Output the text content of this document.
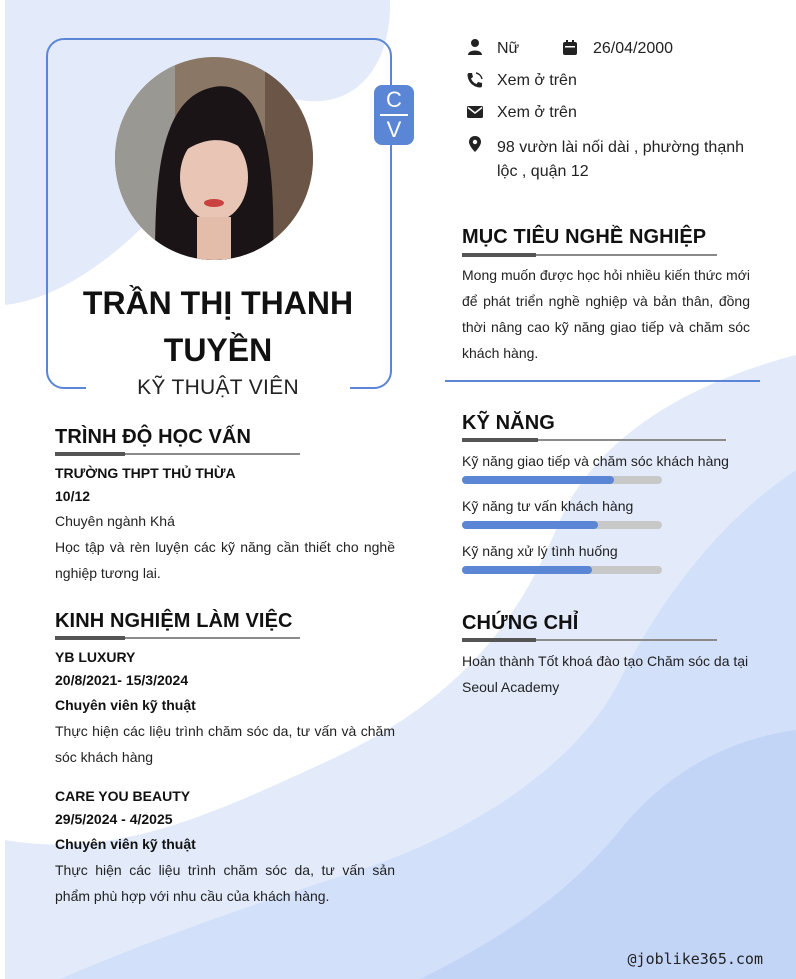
C
V
TRẦN THỊ THANH TUYỀN
KỸ THUẬT VIÊN
Nữ	26/04/2000
Xem ở trên
Xem ở trên
98 vườn lài nối dài , phường thạnh lộc , quận 12
MỤC TIÊU NGHỀ NGHIỆP
Mong muốn được học hỏi nhiều kiến thức mới để phát triển nghề nghiệp và bản thân, đồng thời nâng cao kỹ năng giao tiếp và chăm sóc khách hàng.
KỸ NĂNG
Kỹ năng giao tiếp và chăm sóc khách hàng
Kỹ năng tư vấn khách hàng
Kỹ năng xử lý tình huống
CHỨNG CHỈ
Hoàn thành Tốt khoá đào tạo Chăm sóc da tại Seoul Academy
TRÌNH ĐỘ HỌC VẤN
TRƯỜNG THPT THỦ THỪA
10/12
Chuyên ngành Khá
Học tập và rèn luyện các kỹ năng cần thiết cho nghề nghiệp tương lai.
KINH NGHIỆM LÀM VIỆC
YB LUXURY
20/8/2021- 15/3/2024
Chuyên viên kỹ thuật
Thực hiện các liệu trình chăm sóc da, tư vấn và chăm sóc khách hàng
CARE YOU BEAUTY
29/5/2024 - 4/2025
Chuyên viên kỹ thuật
Thực hiện các liệu trình chăm sóc da, tư vấn sản phẩm phù hợp với nhu cầu của khách hàng.
@joblike365.com
